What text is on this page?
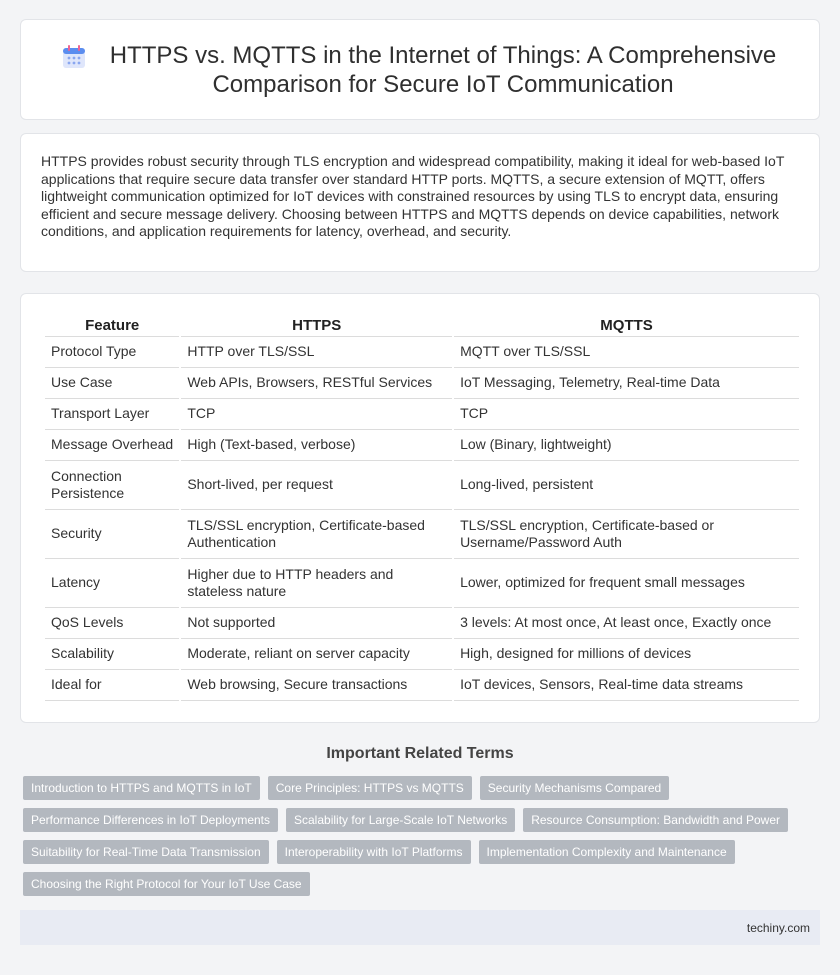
HTTPS vs. MQTTS in the Internet of Things: A Comprehensive Comparison for Secure IoT Communication

HTTPS provides robust security through TLS encryption and widespread compatibility, making it ideal for web-based IoT applications that require secure data transfer over standard HTTP ports. MQTTS, a secure extension of MQTT, offers lightweight communication optimized for IoT devices with constrained resources by using TLS to encrypt data, ensuring efficient and secure message delivery. Choosing between HTTPS and MQTTS depends on device capabilities, network conditions, and application requirements for latency, overhead, and security.

Feature	HTTPS	MQTTS
Protocol Type	HTTP over TLS/SSL	MQTT over TLS/SSL
Use Case	Web APIs, Browsers, RESTful Services	IoT Messaging, Telemetry, Real-time Data
Transport Layer	TCP	TCP
Message Overhead	High (Text-based, verbose)	Low (Binary, lightweight)
Connection Persistence	Short-lived, per request	Long-lived, persistent
Security	TLS/SSL encryption, Certificate-based Authentication	TLS/SSL encryption, Certificate-based or Username/Password Auth
Latency	Higher due to HTTP headers and stateless nature	Lower, optimized for frequent small messages
QoS Levels	Not supported	3 levels: At most once, At least once, Exactly once
Scalability	Moderate, reliant on server capacity	High, designed for millions of devices
Ideal for	Web browsing, Secure transactions	IoT devices, Sensors, Real-time data streams
Important Related Terms
Introduction to HTTPS and MQTTS in IoT	Core Principles: HTTPS vs MQTTS	Security Mechanisms Compared
Performance Differences in IoT Deployments	Scalability for Large-Scale IoT Networks	Resource Consumption: Bandwidth and Power
Suitability for Real-Time Data Transmission	Interoperability with IoT Platforms	Implementation Complexity and Maintenance
Choosing the Right Protocol for Your IoT Use Case
techiny.com
